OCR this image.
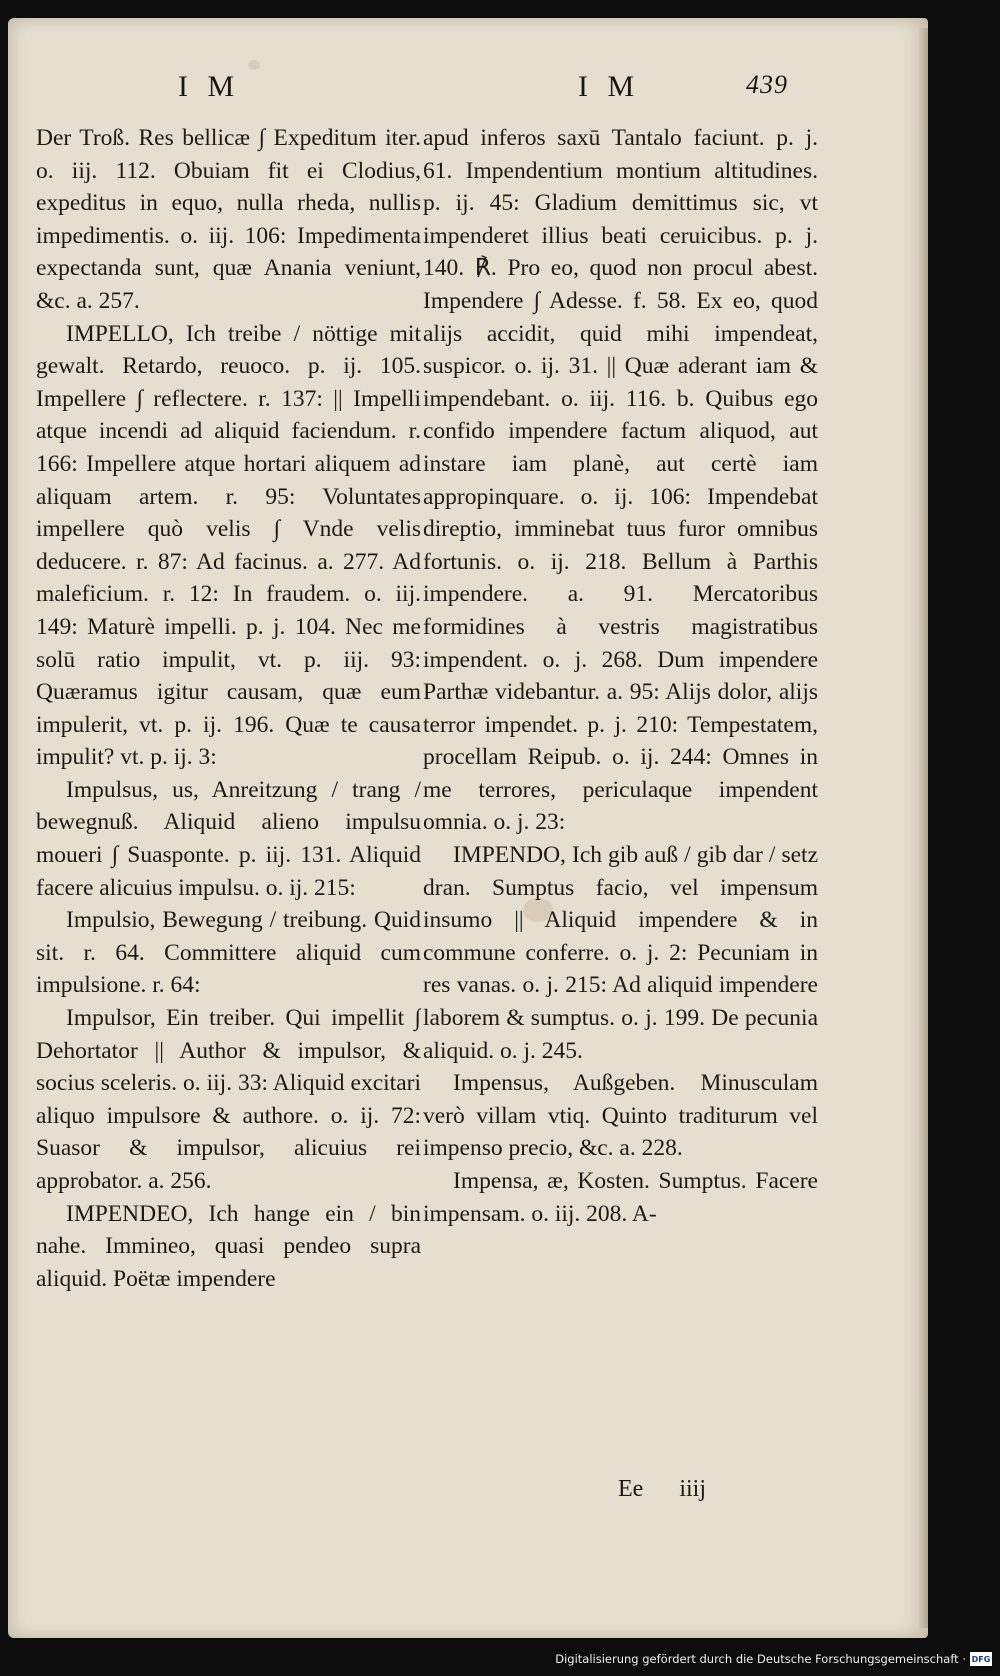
I M	I M	439

Der Troß. Res bellicæ ∫ Expeditum iter. o. iij. 112. Obuiam fit ei Clodius, expeditus in equo, nulla rheda, nullis impedimentis. o. iij. 106: Impedimenta expectanda sunt, quæ Anania veniunt, &c. a. 257.

IMPELLO, Ich treibe / nöttige mit gewalt. Retardo, reuoco. p. ij. 105. Impellere ∫ reflectere. r. 137: || Impelli atque incendi ad aliquid faciendum. r. 166: Impellere atque hortari aliquem ad aliquam artem. r. 95: Voluntates impellere quò velis ∫ Vnde velis deducere. r. 87: Ad facinus. a. 277. Ad maleficium. r. 12: In fraudem. o. iij. 149: Maturè impelli. p. j. 104. Nec me solū ratio impulit, vt. p. iij. 93: Quæramus igitur causam, quæ eum impulerit, vt. p. ij. 196. Quæ te causa impulit? vt. p. ij. 3:

Impulsus, us, Anreitzung / trang / bewegnuß. Aliquid alieno impulsu moueri ∫ Suasponte. p. iij. 131. Aliquid facere alicuius impulsu. o. ij. 215:

Impulsio, Bewegung / treibung. Quid sit. r. 64. Committere aliquid cum impulsione. r. 64:

Impulsor, Ein treiber. Qui impellit ∫ Dehortator || Author & impulsor, & socius sceleris. o. iij. 33: Aliquid excitari aliquo impulsore & authore. o. ij. 72: Suasor & impulsor, alicuius rei approbator. a. 256.

IMPENDEO, Ich hange ein / bin nahe. Immineo, quasi pendeo supra aliquid. Poëtæ impendere

apud inferos saxū Tantalo faciunt. p. j. 61. Impendentium montium altitudines. p. ij. 45: Gladium demittimus sic, vt impenderet illius beati ceruicibus. p. j. 140. ℟. Pro eo, quod non procul abest. Impendere ∫ Adesse. f. 58. Ex eo, quod alijs accidit, quid mihi impendeat, suspicor. o. ij. 31. || Quæ aderant iam & impendebant. o. iij. 116. b. Quibus ego confido impendere factum aliquod, aut instare iam planè, aut certè iam appropinquare. o. ij. 106: Impendebat direptio, imminebat tuus furor omnibus fortunis. o. ij. 218. Bellum à Parthis impendere. a. 91. Mercatoribus formidines à vestris magistratibus impendent. o. j. 268. Dum impendere Parthæ videbantur. a. 95: Alijs dolor, alijs terror impendet. p. j. 210: Tempestatem, procellam Reipub. o. ij. 244: Omnes in me terrores, periculaque impendent omnia. o. j. 23:

IMPENDO, Ich gib auß / gib dar / setz dran. Sumptus facio, vel impensum insumo || Aliquid impendere & in commune conferre. o. j. 2: Pecuniam in res vanas. o. j. 215: Ad aliquid impendere laborem & sumptus. o. j. 199. De pecunia aliquid. o. j. 245.

Impensus, Außgeben. Minusculam verò villam vtiq. Quinto traditurum vel impenso precio, &c. a. 228.

Impensa, æ, Kosten. Sumptus. Facere impensam. o. iij. 208. A-

Ee iiij
Digitalisierung gefördert durch die Deutsche Forschungsgemeinschaft · DFG
